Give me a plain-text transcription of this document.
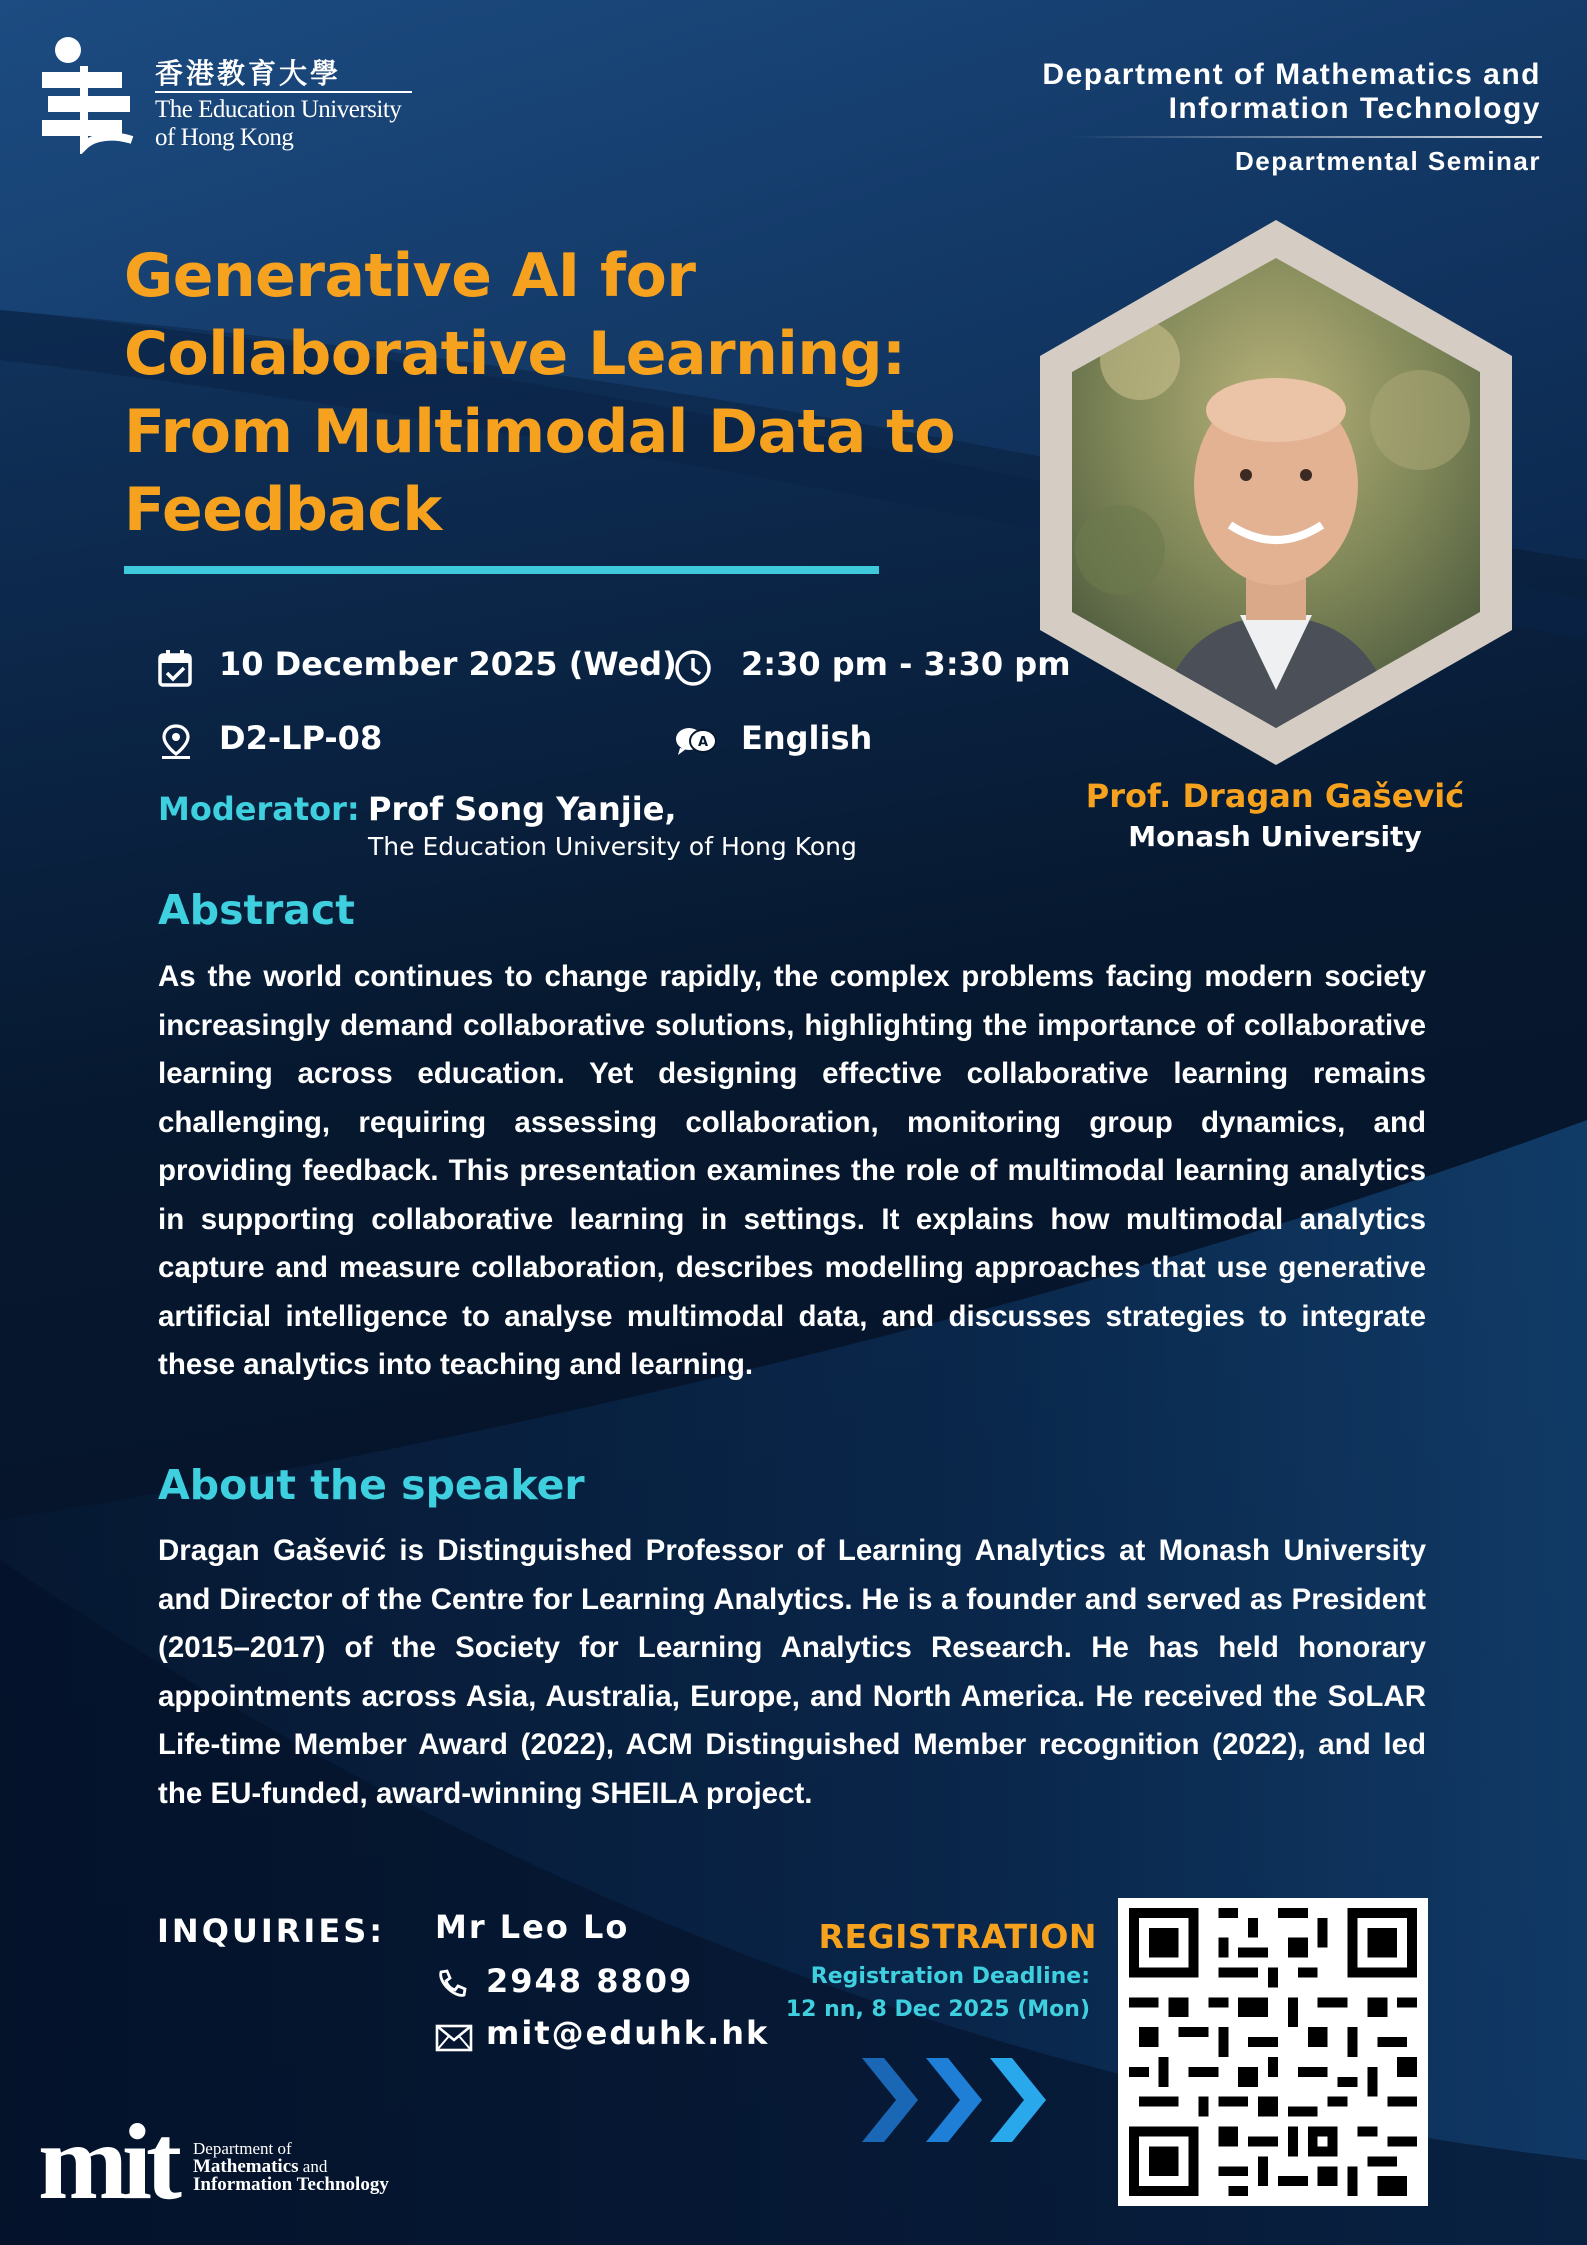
香港教育大學
The Education University
of Hong Kong
Department of Mathematics and
Information Technology
Departmental Seminar
Generative AI for
Collaborative Learning:
From Multimodal Data to
Feedback
10 December 2025 (Wed) 2:30 pm - 3:30 pm
D2-LP-08	A English
Moderator: Prof Song Yanjie,
The Education University of Hong Kong
Prof. Dragan Gašević
Monash University
Abstract
As the world continues to change rapidly, the complex problems facing modern society increasingly demand collaborative solutions, highlighting the importance of collaborative learning across education. Yet designing effective collaborative learning remains challenging, requiring assessing collaboration, monitoring group dynamics, and providing feedback. This presentation examines the role of multimodal learning analytics in supporting collaborative learning in settings. It explains how multimodal analytics capture and measure collaboration, describes modelling approaches that use generative artificial intelligence to analyse multimodal data, and discusses strategies to integrate these analytics into teaching and learning.
About the speaker
Dragan Gašević is Distinguished Professor of Learning Analytics at Monash University and Director of the Centre for Learning Analytics. He is a founder and served as President (2015–2017) of the Society for Learning Analytics Research. He has held honorary appointments across Asia, Australia, Europe, and North America. He received the SoLAR Life-time Member Award (2022), ACM Distinguished Member recognition (2022), and led the EU-funded, award-winning SHEILA project.
INQUIRIES: Mr Leo Lo
2948 8809
mit@eduhk.hk
REGISTRATION
Registration Deadline:
12 nn, 8 Dec 2025 (Mon)
mit	Department of
Mathematics and
Information Technology
